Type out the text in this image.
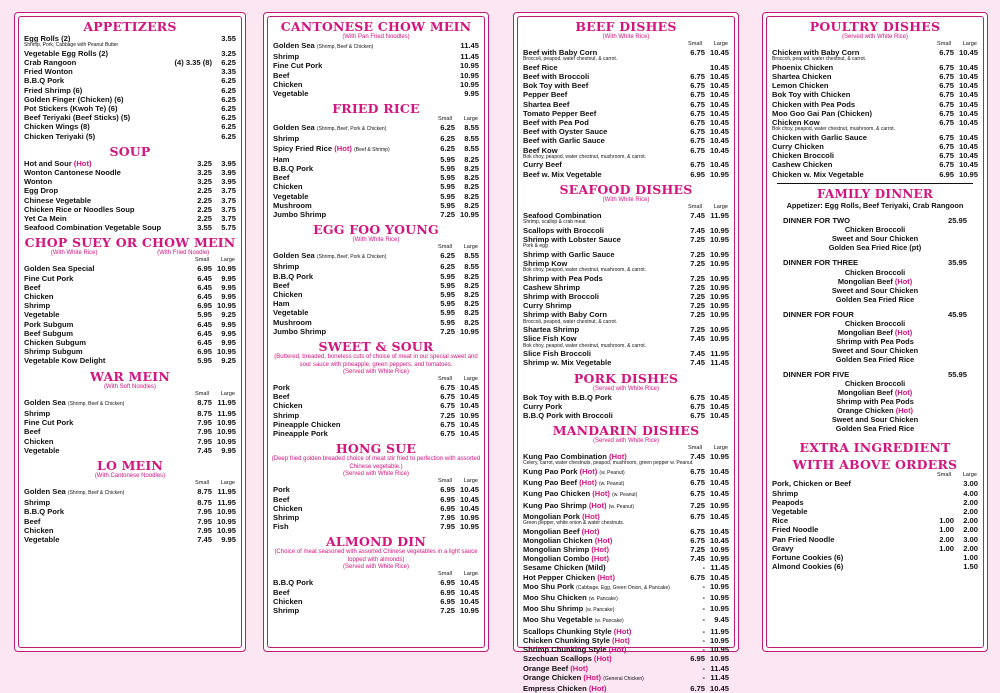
APPETIZERS
Egg Rolls (2)	3.55
Shrimp, Pork, Cabbage with Peanut Butter
Vegetable Egg Rolls (2)	3.25
Crab Rangoon	(4) 3.35 (8)	6.25
Fried Wonton	3.35
B.B.Q Pork	6.25
Fried Shrimp (6)	6.25
Golden Finger (Chicken) (6)	6.25
Pot Stickers (Kwoh Te) (6)	6.25
Beef Teriyaki (Beef Sticks) (5)	6.25
Chicken Wings (8)	6.25
Chicken Teriyaki (5)	6.25
SOUP
Hot and Sour (Hot)	3.25	3.95
Wonton Cantonese Noodle	3.25	3.95
Wonton	3.25	3.95
Egg Drop	2.25	3.75
Chinese Vegetable	2.25	3.75
Chicken Rice or Noodles Soup	2.25	3.75
Yet Ca Mein	2.25	3.75
Seafood Combination Vegetable Soup	3.55	5.75
CHOP SUEY OR CHOW MEIN
(With White Rice)	(With Fried Noodle)
Small	Large
Golden Sea Special	6.95 10.95
Fine Cut Pork	6.45	9.95
Beef	6.45	9.95
Chicken	6.45	9.95
Shrimp	6.95 10.95
Vegetable	5.95	9.25
Pork Subgum	6.45	9.95
Beef Subgum	6.45	9.95
Chicken Subgum	6.45	9.95
Shrimp Subgum	6.95 10.95
Vegetable Kow Delight	5.95	9.25
WAR MEIN
(With Soft Noodles)
Small	Large
Golden Sea (Shrimp, Beef & Chicken)	8.75 11.95
Shrimp	8.75 11.95
Fine Cut Pork	7.95 10.95
Beef	7.95 10.95
Chicken	7.95 10.95
Vegetable	7.45	9.95
LO MEIN
(With Cantonese Noodles)
Small	Large
Golden Sea (Shrimp, Beef & Chicken)	8.75 11.95
Shrimp	8.75 11.95
B.B.Q Pork	7.95 10.95
Beef	7.95 10.95
Chicken	7.95 10.95
Vegetable	7.45	9.95
CANTONESE CHOW MEIN
(With Pan Fried Noodles)
Golden Sea (Shrimp, Beef & Chicken)	11.45
Shrimp	11.45
Fine Cut Pork	10.95
Beef	10.95
Chicken	10.95
Vegetable	9.95
FRIED RICE
Small	Large
Golden Sea (Shrimp, Beef, Pork & Chicken)	6.25	8.55
Shrimp	6.25	8.55
Spicy Fried Rice (Hot) (Beef & Shrimp)	6.25	8.55
Ham	5.95	8.25
B.B.Q Pork	5.95	8.25
Beef	5.95	8.25
Chicken	5.95	8.25
Vegetable	5.95	8.25
Mushroom	5.95	8.25
Jumbo Shrimp	7.25 10.95
EGG FOO YOUNG
(With White Rice)
Small	Large
Golden Sea (Shrimp, Beef, Pork & Chicken)	6.25	8.55
Shrimp	6.25	8.55
B.B.Q Pork	5.95	8.25
Beef	5.95	8.25
Chicken	5.95	8.25
Ham	5.95	8.25
Vegetable	5.95	8.25
Mushroom	5.95	8.25
Jumbo Shrimp	7.25 10.95
SWEET & SOUR
(Buttered, breaded, boneless cuts of choice of meat in our special sweet and sour sauce with pineapple, green peppers, and tomatoes.
(Served with White Rice)
Small	Large
Pork	6.75 10.45
Beef	6.75 10.45
Chicken	6.75 10.45
Shrimp	7.25 10.95
Pineapple Chicken	6.75 10.45
Pineapple Pork	6.75 10.45
HONG SUE
(Deep fried golden breaded choice of meat stir fried to perfection with assorted Chinese vegetable.)
(Served with White Rice)
Small	Large
Pork	6.95 10.45
Beef	6.95 10.45
Chicken	6.95 10.45
Shrimp	7.95 10.95
Fish	7.95 10.95
ALMOND DIN
(Choice of meat seasoned with assorted Chinese vegetables in a light sauce topped with almonds)
(Served with White Rice)
Small	Large
B.B.Q Pork	6.95 10.45
Beef	6.95 10.45
Chicken	6.95 10.45
Shrimp	7.25 10.95
BEEF DISHES
(With White Rice)
Small	Large
Beef with Baby Corn	6.75 10.45
Broccoli, peapod, water chestnut, & carrot.
Beef Rice	10.45
Beef with Broccoli	6.75 10.45
Bok Toy with Beef	6.75 10.45
Pepper Beef	6.75 10.45
Shartea Beef	6.75 10.45
Tomato Pepper Beef	6.75 10.45
Beef with Pea Pod	6.75 10.45
Beef with Oyster Sauce	6.75 10.45
Beef with Garlic Sauce	6.75 10.45
Beef Kow	6.75 10.45
Bok choy, peapod, water chestnut, mushroom, & carrot.
Curry Beef	6.75 10.45
Beef w. Mix Vegetable	6.95 10.95
SEAFOOD DISHES
(With White Rice)
Small	Large
Seafood Combination	7.45 11.95
Shrimp, scallop & crab meat.
Scallops with Broccoli	7.45 10.95
Shrimp with Lobster Sauce	7.25 10.95
Pork & egg
Shrimp with Garlic Sauce	7.25 10.95
Shrimp Kow	7.25 10.95
Bok choy, peapod, water chestnut, mushroom, & carrot.
Shrimp with Pea Pods	7.25 10.95
Cashew Shrimp	7.25 10.95
Shrimp with Broccoli	7.25 10.95
Curry Shrimp	7.25 10.95
Shrimp with Baby Corn	7.25 10.95
Broccoli, peapod, water chestnut, & carrot.
Shartea Shrimp	7.25 10.95
Slice Fish Kow	7.45 10.95
Bok choy, peapod, water chestnut, mushroom, & carrot.
Slice Fish Broccoli	7.45 11.95
Shrimp w. Mix Vegetable	7.45 11.45
PORK DISHES
(Served with White Rice)
Bok Toy with B.B.Q Pork	6.75 10.45
Curry Pork	6.75 10.45
B.B.Q Pork with Broccoli	6.75 10.45
MANDARIN DISHES
(Served with White Rice)
Small	Large
Kung Pao Combination (Hot)	7.45 10.95
Celery, carrot, water chestnuts, peapod, mushroom, green pepper w. Peanut.
Kung Pao Pork (Hot) (w. Peanut)	6.75 10.45
Kung Pao Beef (Hot) (w. Peanut)	6.75 10.45
Kung Pao Chicken (Hot) (w. Peanut)	6.75 10.45
Kung Pao Shrimp (Hot) (w. Peanut)	7.25 10.95
Mongolian Pork (Hot)	6.75 10.45
Green pepper, white onion & water chestnuts.
Mongolian Beef (Hot)	6.75 10.45
Mongolian Chicken (Hot)	6.75 10.45
Mongolian Shrimp (Hot)	7.25 10.95
Mongolian Combo (Hot)	7.45 10.95
Sesame Chicken (Mild)	- 11.45
Hot Pepper Chicken (Hot)	6.75 10.45
Moo Shu Pork (Cabbage, Egg, Green Onion, & Pancake)	- 10.95
Moo Shu Chicken (w. Pancake)	- 10.95
Moo Shu Shrimp (w. Pancake)	- 10.95
Moo Shu Vegetable (w. Pancake)	-	9.45
Scallops Chunking Style (Hot)	- 11.95
Chicken Chunking Style (Hot)	- 10.95
Shrimp Chunking Style (Hot)	- 10.95
Szechuan Scallops (Hot)	6.95 10.95
Orange Beef (Hot)	- 11.45
Orange Chicken (Hot) (General Chicken)	- 11.45
Empress Chicken (Hot)	6.75 10.45
POULTRY DISHES
(Served with White Rice)
Small	Large
Chicken with Baby Corn	6.75 10.45
Broccoli, peapod, water chestnut, & carrot.
Phoenix Chicken	6.75 10.45
Shartea Chicken	6.75 10.45
Lemon Chicken	6.75 10.45
Bok Toy with Chicken	6.75 10.45
Chicken with Pea Pods	6.75 10.45
Moo Goo Gai Pan (Chicken)	6.75 10.45
Chicken Kow	6.75 10.45
Bok choy, peapod, water chestnut, mushroom, & carrot.
Chicken with Garlic Sauce	6.75 10.45
Curry Chicken	6.75 10.45
Chicken Broccoli	6.75 10.45
Cashew Chicken	6.75 10.45
Chicken w. Mix Vegetable	6.95 10.95
FAMILY DINNER
Appetizer: Egg Rolls, Beef Teriyaki, Crab Rangoon
DINNER FOR TWO	25.95
Chicken Broccoli
Sweet and Sour Chicken
Golden Sea Fried Rice (pt)
DINNER FOR THREE	35.95
Chicken Broccoli
Mongolian Beef (Hot)
Sweet and Sour Chicken
Golden Sea Fried Rice
DINNER FOR FOUR	45.95
Chicken Broccoli
Mongolian Beef (Hot)
Shrimp with Pea Pods
Sweet and Sour Chicken
Golden Sea Fried Rice
DINNER FOR FIVE	55.95
Chicken Broccoli
Mongolian Beef (Hot)
Shrimp with Pea Pods
Orange Chicken (Hot)
Sweet and Sour Chicken
Golden Sea Fried Rice
EXTRA INGREDIENT
WITH ABOVE ORDERS
Small	Large
Pork, Chicken or Beef	3.00
Shrimp	4.00
Peapods	2.00
Vegetable	2.00
Rice	1.00	2.00
Fried Noodle	1.00	2.00
Pan Fried Noodle	2.00	3.00
Gravy	1.00	2.00
Fortune Cookies (6)	1.00
Almond Cookies (6)	1.50
